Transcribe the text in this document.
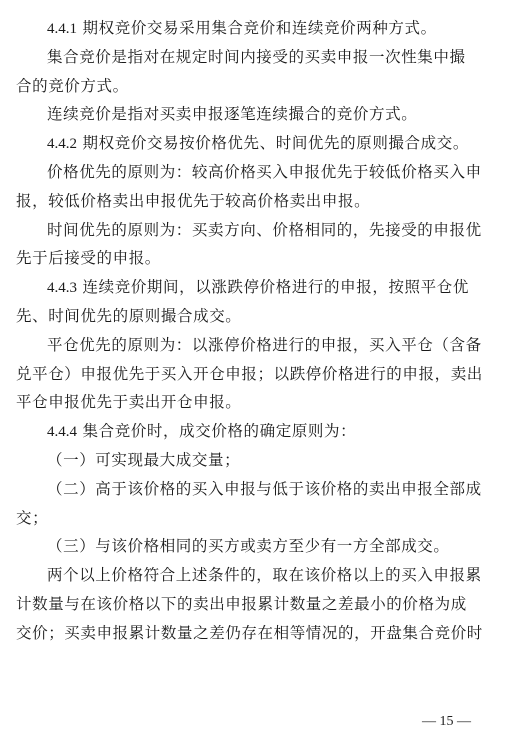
4.4.1 期权竞价交易采用集合竞价和连续竞价两种方式。
集合竞价是指对在规定时间内接受的买卖申报一次性集中撮
合的竞价方式。
连续竞价是指对买卖申报逐笔连续撮合的竞价方式。
4.4.2 期权竞价交易按价格优先、时间优先的原则撮合成交。
价格优先的原则为：较高价格买入申报优先于较低价格买入申
报，较低价格卖出申报优先于较高价格卖出申报。
时间优先的原则为：买卖方向、价格相同的，先接受的申报优
先于后接受的申报。
4.4.3 连续竞价期间，以涨跌停价格进行的申报，按照平仓优
先、时间优先的原则撮合成交。
平仓优先的原则为：以涨停价格进行的申报，买入平仓（含备
兑平仓）申报优先于买入开仓申报；以跌停价格进行的申报，卖出
平仓申报优先于卖出开仓申报。
4.4.4 集合竞价时，成交价格的确定原则为：
（一）可实现最大成交量；
（二）高于该价格的买入申报与低于该价格的卖出申报全部成
交；
（三）与该价格相同的买方或卖方至少有一方全部成交。
两个以上价格符合上述条件的，取在该价格以上的买入申报累
计数量与在该价格以下的卖出申报累计数量之差最小的价格为成
交价；买卖申报累计数量之差仍存在相等情况的，开盘集合竞价时
— 15 —
